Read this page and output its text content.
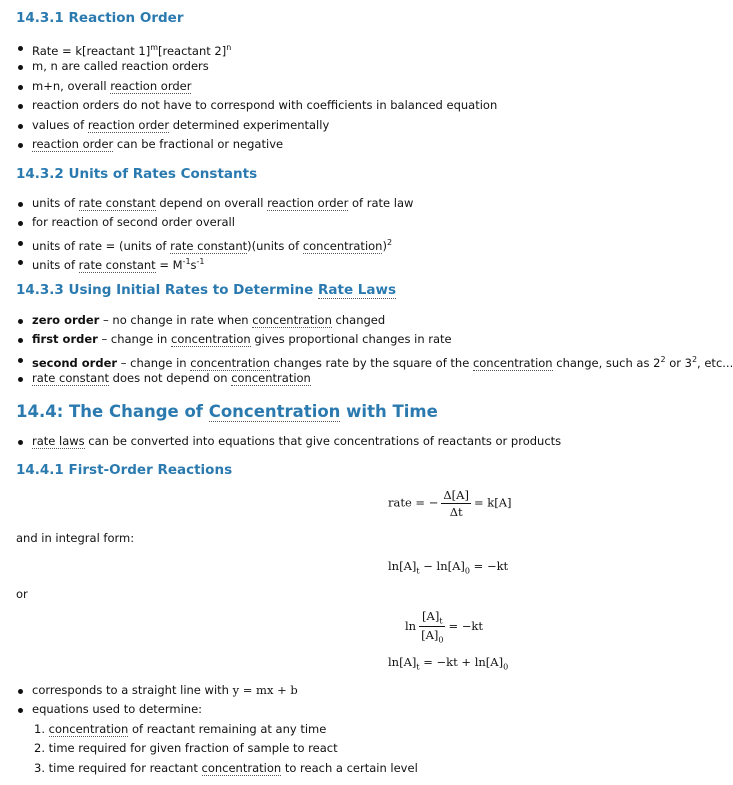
14.3.1 Reaction Order
Rate = k[reactant 1]$^m$[reactant 2]$^n$
m, n are called reaction orders
m+n, overall reaction order
reaction orders do not have to correspond with coefficients in balanced equation
values of reaction order determined experimentally
reaction order can be fractional or negative
14.3.2 Units of Rates Constants
units of rate constant depend on overall reaction order of rate law
for reaction of second order overall
units of rate = (units of rate constant)(units of concentration)$^2$
units of rate constant = $M^{-1}s^{-1}$
14.3.3 Using Initial Rates to Determine Rate Laws
zero order – no change in rate when concentration changed
first order – change in concentration gives proportional changes in rate
second order – change in concentration changes rate by the square of the concentration change, such as $2^2$ or $3^2$, etc...
rate constant does not depend on concentration
14.4: The Change of Concentration with Time
rate laws can be converted into equations that give concentrations of reactants or products
14.4.1 First-Order Reactions
rate = − $\frac{\Delta[A]}{\Delta t} = k[A]$

and in integral form:

$\ln[A]_t - \ln[A]_0 = -kt$

or

$\ln \frac{[A]_t}{[A]_0} = -kt$
$\ln[A]_t = -kt + \ln[A]_0$
corresponds to a straight line with y = mx + b
equations used to determine:
1. concentration of reactant remaining at any time
2. time required for given fraction of sample to react
3. time required for reactant concentration to reach a certain level
